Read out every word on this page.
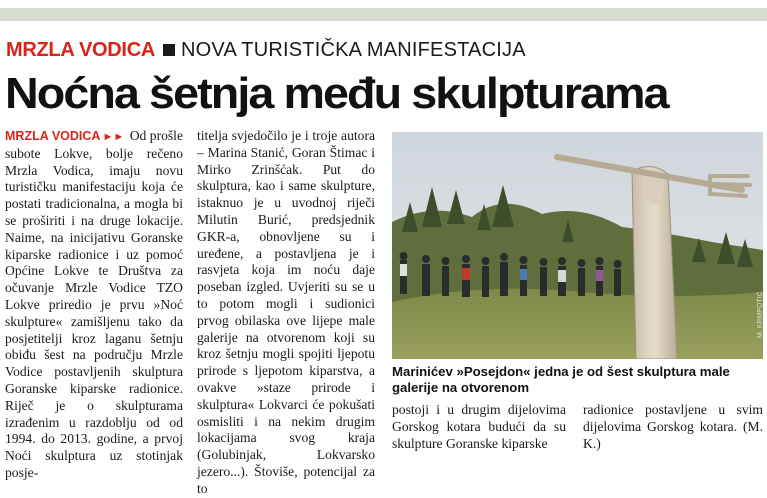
MRZLA VODICA NOVA TURISTIČKA MANIFESTACIJA
Noćna šetnja među skulpturama

MRZLA VODICA ►► Od prošle subote Lokve, bolje rečeno Mrzla Vodica, imaju novu turističku manifestaciju koja će postati tradicionalna, a mogla bi se proširiti i na druge lokacije. Naime, na inicijativu Goranske kiparske radionice i uz pomoć Općine Lokve te Društva za očuvanje Mrzle Vodice TZO Lokve priredio je prvu »Noć skulpture« zamišljenu tako da posjetitelji kroz laganu šetnju obiđu šest na području Mrzle Vodice postavljenih skulptura Goranske kiparske radionice. Riječ je o skulpturama izrađenim u razdoblju od od 1994. do 2013. godine, a prvoj Noći skulptura uz stotinjak posje-

titelja svjedočilo je i troje autora – Marina Stanić, Goran Štimac i Mirko Zrinšćak. Put do skulptura, kao i same skulpture, istaknuo je u uvodnoj riječi Milutin Burić, predsjednik GKR-a, obnovljene su i uređene, a postavljena je i rasvjeta koja im noću daje poseban izgled. Uvjeriti su se u to potom mogli i sudionici prvog obilaska ove lijepe male galerije na otvorenom koji su kroz šetnju mogli spojiti ljepotu prirode s ljepotom kiparstva, a ovakve »staze prirode i skulptura« Lokvarci će pokušati osmisliti i na nekim drugim lokacijama svog kraja (Golubinjak, Lokvarsko jezero...). Štoviše, potencijal za to

M. KRMPOTIĆ

Marinićev »Posejdon« jedna je od šest skulptura male galerije na otvorenom

postoji i u drugim dijelovima Gorskog kotara budući da su skulpture Goranske kiparske

radionice postavljene u svim dijelovima Gorskog kotara. (M. K.)
